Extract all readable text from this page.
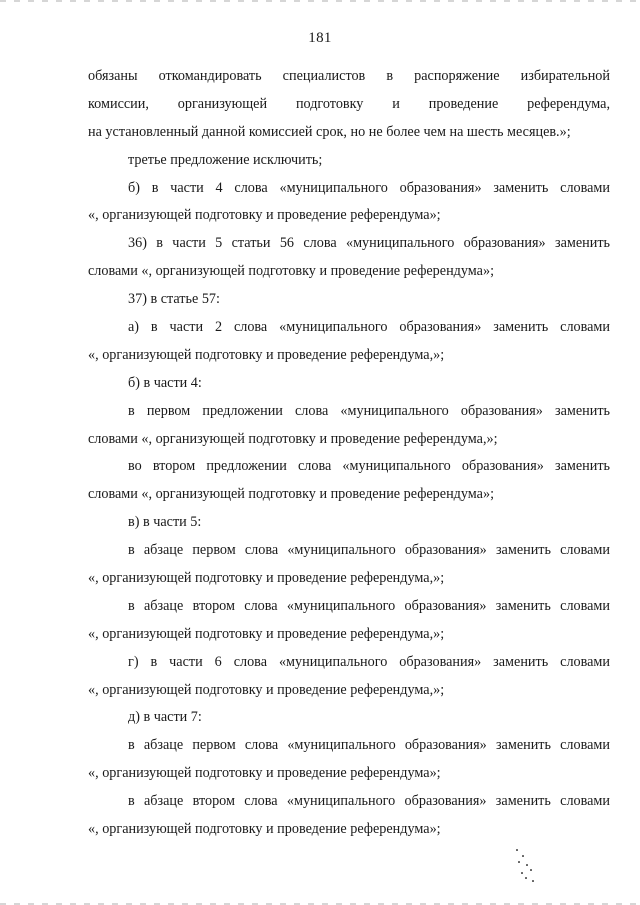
181
обязаны откомандировать специалистов в распоряжение избирательной
комиссии, организующей подготовку и проведение референдума,
на установленный данной комиссией срок, но не более чем на шесть месяцев.»;
третье предложение исключить;
б) в части 4 слова «муниципального образования» заменить словами
«, организующей подготовку и проведение референдума»;
36) в части 5 статьи 56 слова «муниципального образования» заменить
словами «, организующей подготовку и проведение референдума»;
37) в статье 57:
а) в части 2 слова «муниципального образования» заменить словами
«, организующей подготовку и проведение референдума,»;
б) в части 4:
в первом предложении слова «муниципального образования» заменить
словами «, организующей подготовку и проведение референдума,»;
во втором предложении слова «муниципального образования» заменить
словами «, организующей подготовку и проведение референдума»;
в) в части 5:
в абзаце первом слова «муниципального образования» заменить словами
«, организующей подготовку и проведение референдума,»;
в абзаце втором слова «муниципального образования» заменить словами
«, организующей подготовку и проведение референдума,»;
г) в части 6 слова «муниципального образования» заменить словами
«, организующей подготовку и проведение референдума,»;
д) в части 7:
в абзаце первом слова «муниципального образования» заменить словами
«, организующей подготовку и проведение референдума»;
в абзаце втором слова «муниципального образования» заменить словами
«, организующей подготовку и проведение референдума»;
